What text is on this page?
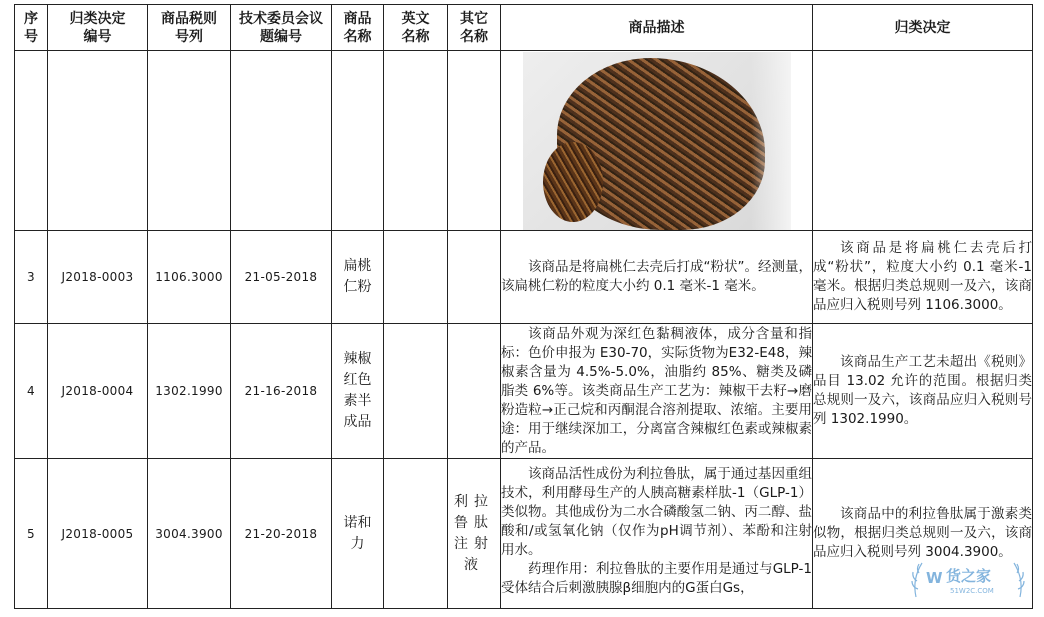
序号	归类决定编号	商品税则号列	技术委员会议题编号	商品名称	英文名称	其它名称	商品描述	归类决定

3	J2018-0003	1106.3000	21-05-2018	扁桃仁粉			该商品是将扁桃仁去壳后打成“粉状”。经测量，该扁桃仁粉的粒度大小约 0.1 毫米-1 毫米。	该商品是将扁桃仁去壳后打成“粉状”，粒度大小约 0.1 毫米-1 毫米。根据归类总规则一及六，该商品应归入税则号列 1106.3000。

4	J2018-0004	1302.1990	21-16-2018	辣椒红色素半成品			该商品外观为深红色黏稠液体，成分含量和指标：色价申报为 E30-70，实际货物为E32-E48，辣椒素含量为 4.5%-5.0%，油脂约 85%、糖类及磷脂类 6%等。该类商品生产工艺为：辣椒干去籽→磨粉造粒→正己烷和丙酮混合溶剂提取、浓缩。主要用途：用于继续深加工，分离富含辣椒红色素或辣椒素的产品。	该商品生产工艺未超出《税则》品目 13.02 允许的范围。根据归类总规则一及六，该商品应归入税则号列 1302.1990。

5	J2018-0005	3004.3900	21-20-2018	诺和力		利拉鲁肽注射液	该商品活性成份为利拉鲁肽，属于通过基因重组技术，利用酵母生产的人胰高糖素样肽-1（GLP-1）类似物。其他成份为二水合磷酸氢二钠、丙二醇、盐酸和/或氢氧化钠（仅作为pH调节剂）、苯酚和注射用水。

药理作用：利拉鲁肽的主要作用是通过与GLP-1受体结合后刺激胰腺β细胞内的G蛋白Gs，	该商品中的利拉鲁肽属于激素类似物，根据归类总规则一及六，该商品应归入税则号列 3004.3900。

W 货之家
51W2C.COM
